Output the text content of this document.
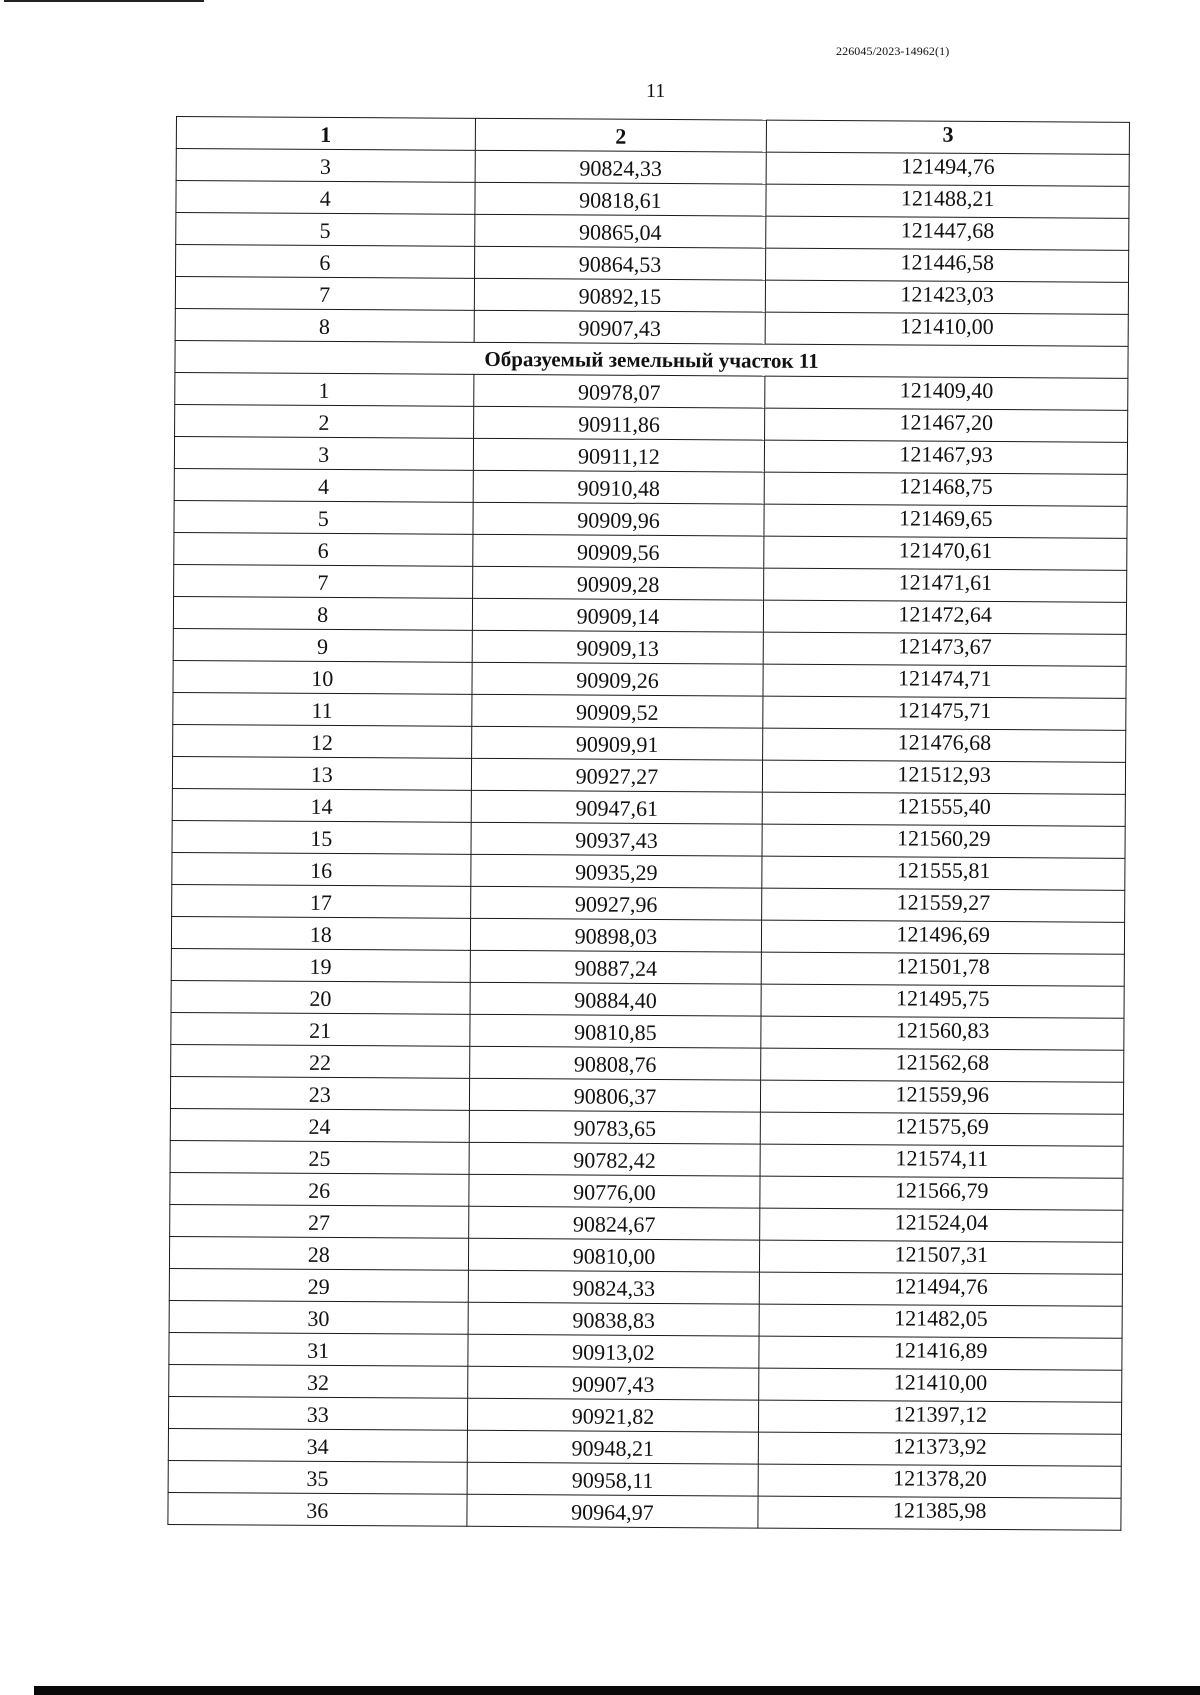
226045/2023-14962(1)
11
1	2	3
3	90824,33	121494,76
4	90818,61	121488,21
5	90865,04	121447,68
6	90864,53	121446,58
7	90892,15	121423,03
8	90907,43	121410,00
Образуемый земельный участок 11		
1	90978,07	121409,40
2	90911,86	121467,20
3	90911,12	121467,93
4	90910,48	121468,75
5	90909,96	121469,65
6	90909,56	121470,61
7	90909,28	121471,61
8	90909,14	121472,64
9	90909,13	121473,67
10	90909,26	121474,71
11	90909,52	121475,71
12	90909,91	121476,68
13	90927,27	121512,93
14	90947,61	121555,40
15	90937,43	121560,29
16	90935,29	121555,81
17	90927,96	121559,27
18	90898,03	121496,69
19	90887,24	121501,78
20	90884,40	121495,75
21	90810,85	121560,83
22	90808,76	121562,68
23	90806,37	121559,96
24	90783,65	121575,69
25	90782,42	121574,11
26	90776,00	121566,79
27	90824,67	121524,04
28	90810,00	121507,31
29	90824,33	121494,76
30	90838,83	121482,05
31	90913,02	121416,89
32	90907,43	121410,00
33	90921,82	121397,12
34	90948,21	121373,92
35	90958,11	121378,20
36	90964,97	121385,98
